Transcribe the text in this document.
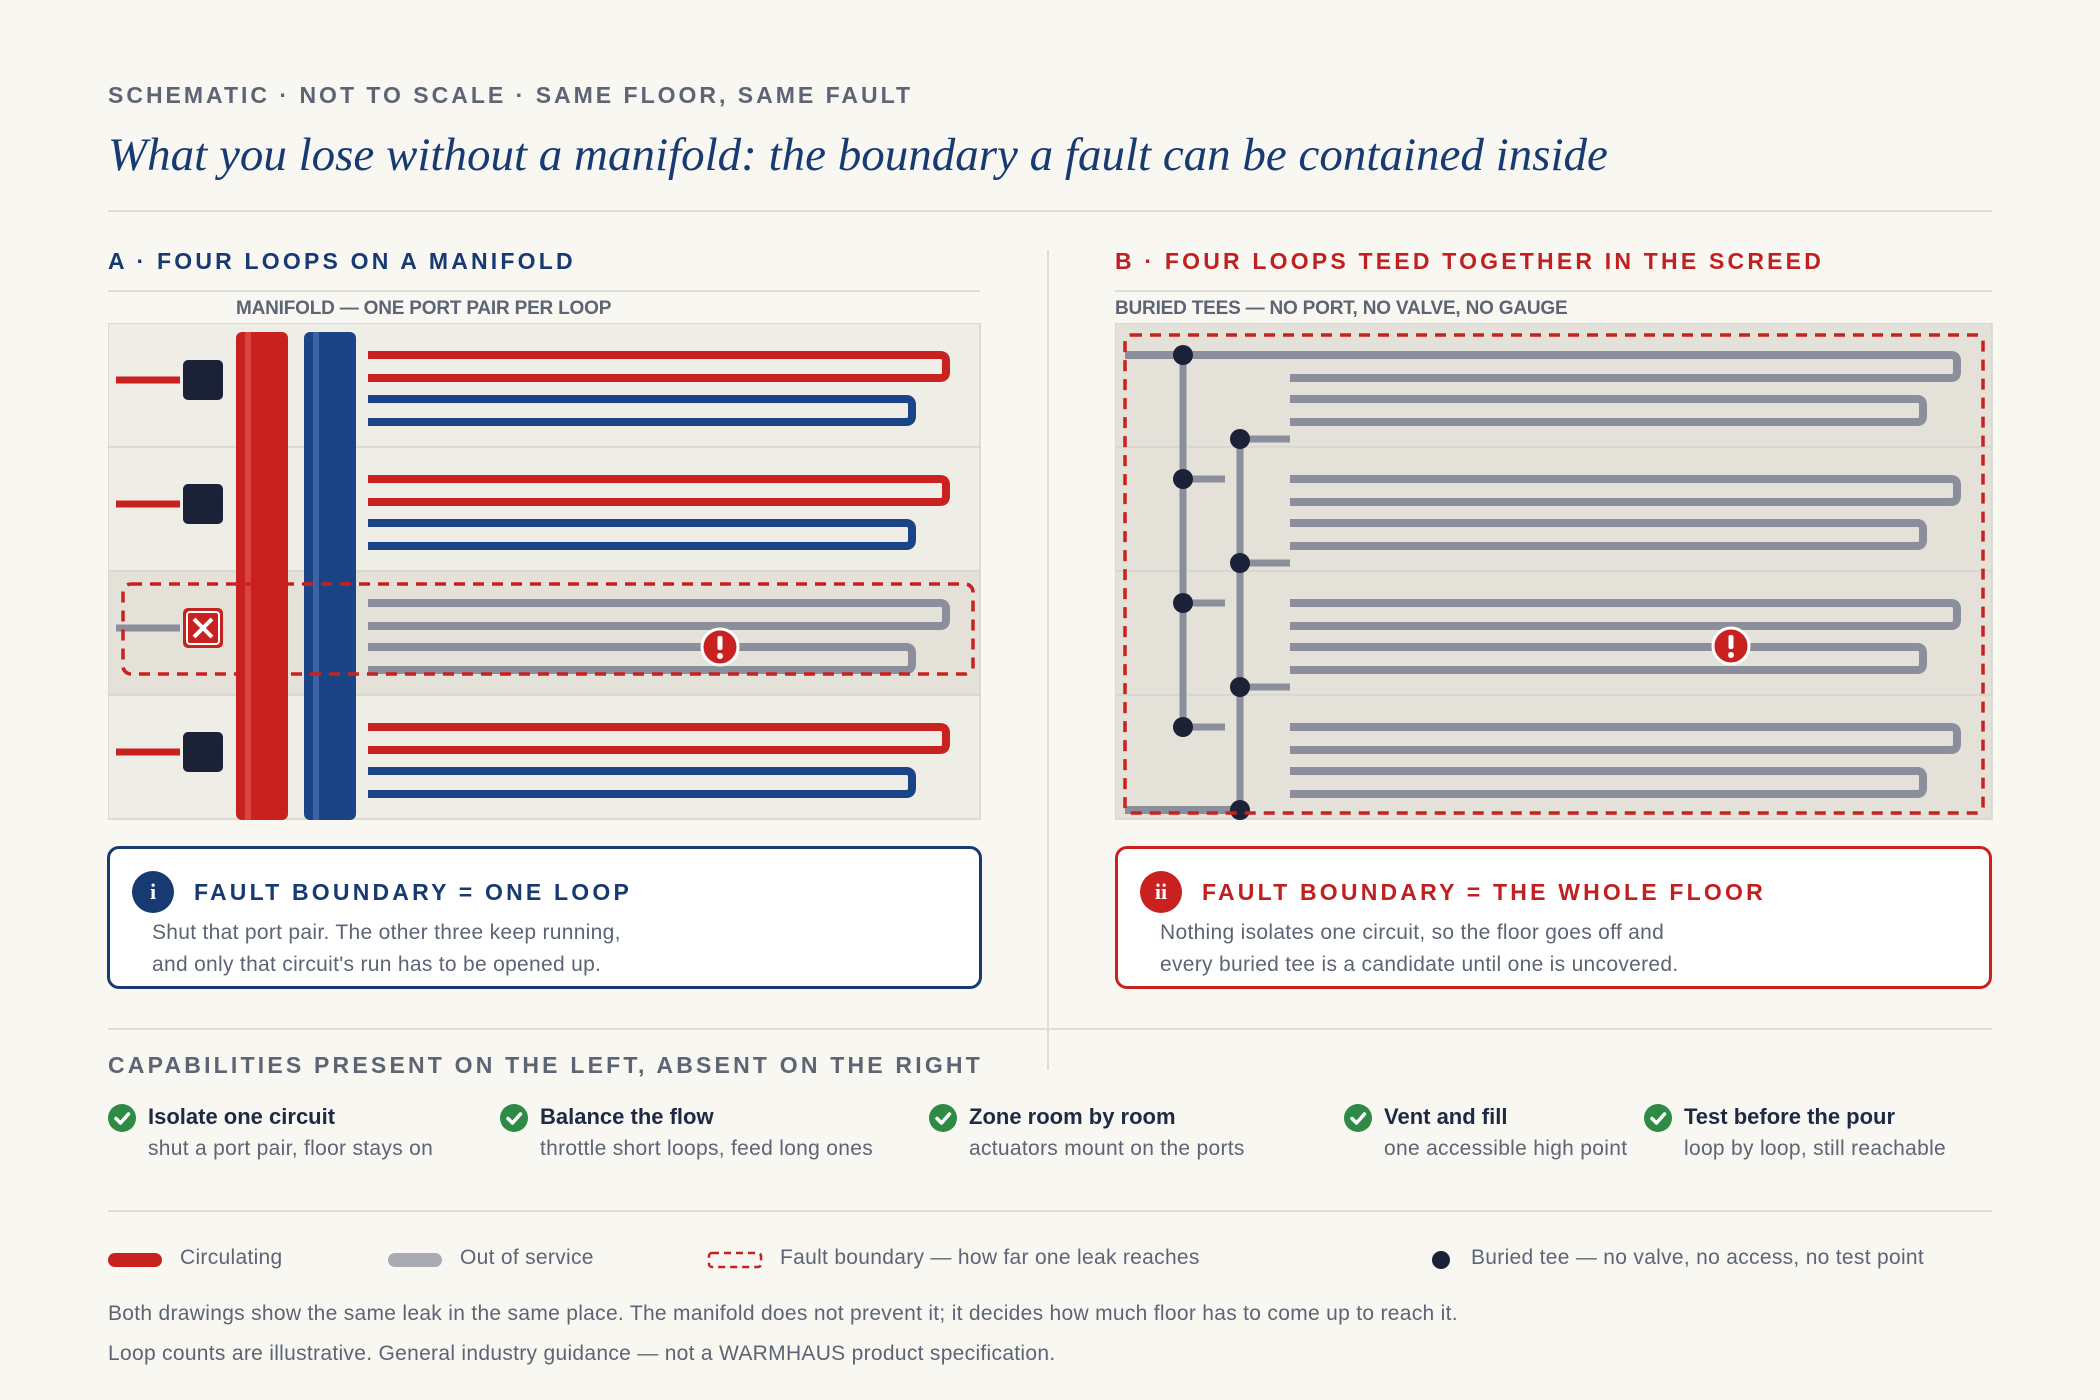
SCHEMATIC · NOT TO SCALE · SAME FLOOR, SAME FAULT
What you lose without a manifold: the boundary a fault can be contained inside
A · FOUR LOOPS ON A MANIFOLD
MANIFOLD — ONE PORT PAIR PER LOOP
i	FAULT BOUNDARY = ONE LOOP
Shut that port pair. The other three keep running,
and only that circuit's run has to be opened up.
B · FOUR LOOPS TEED TOGETHER IN THE SCREED
BURIED TEES — NO PORT, NO VALVE, NO GAUGE
ii	FAULT BOUNDARY = THE WHOLE FLOOR
Nothing isolates one circuit, so the floor goes off and
every buried tee is a candidate until one is uncovered.
CAPABILITIES PRESENT ON THE LEFT, ABSENT ON THE RIGHT
Isolate one circuit
shut a port pair, floor stays on
Balance the flow
throttle short loops, feed long ones
Zone room by room
actuators mount on the ports
Vent and fill
one accessible high point
Test before the pour
loop by loop, still reachable
Circulating	Out of service	Fault boundary — how far one leak reaches	Buried tee — no valve, no access, no test point
Both drawings show the same leak in the same place. The manifold does not prevent it; it decides how much floor has to come up to reach it.
Loop counts are illustrative. General industry guidance — not a WARMHAUS product specification.
